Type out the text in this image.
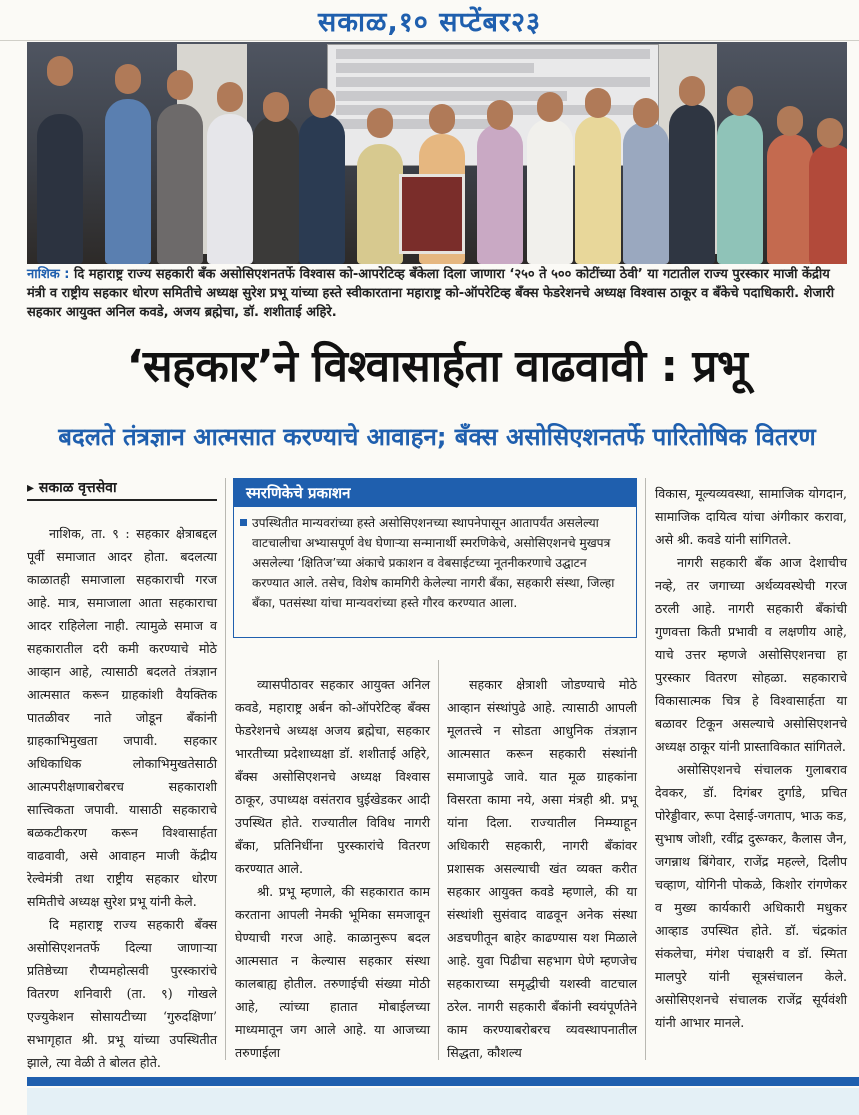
सकाळ,१० सप्टेंबर२३
नाशिक : दि महाराष्ट्र राज्य सहकारी बँक असोसिएशनतर्फे विश्वास को-आपरेटिव्ह बँकेला दिला जाणारा ‘२५० ते ५०० कोटींच्या ठेवी’ या गटातील राज्य पुरस्कार माजी केंद्रीय मंत्री व राष्ट्रीय सहकार धोरण समितीचे अध्यक्ष सुरेश प्रभू यांच्या हस्ते स्वीकारताना महाराष्ट्र को-ऑपरेटिव्ह बँक्स फेडरेशनचे अध्यक्ष विश्वास ठाकूर व बँकेचे पदाधिकारी. शेजारी सहकार आयुक्त अनिल कवडे, अजय ब्रह्मेचा, डॉ. शशीताई अहिरे.
‘सहकार’ने विश्वासार्हता वाढवावी : प्रभू
बदलते तंत्रज्ञान आत्मसात करण्याचे आवाहन; बँक्स असोसिएशनतर्फे पारितोषिक वितरण
▸ सकाळ वृत्तसेवा

नाशिक, ता. ९ : सहकार क्षेत्राबद्दल पूर्वी समाजात आदर होता. बदलत्या काळातही समाजाला सहकाराची गरज आहे. मात्र, समाजाला आता सहकाराचा आदर राहिलेला नाही. त्यामुळे समाज व सहकारातील दरी कमी करण्याचे मोठे आव्हान आहे, त्यासाठी बदलते तंत्रज्ञान आत्मसात करून ग्राहकांशी वैयक्तिक पातळीवर नाते जोडून बँकांनी ग्राहकाभिमुखता जपावी. सहकार अधिकाधिक लोकाभिमुखतेसाठी आत्मपरीक्षणाबरोबरच सहकाराशी सात्त्विकता जपावी. यासाठी सहकाराचे बळकटीकरण करून विश्वासार्हता वाढवावी, असे आवाहन माजी केंद्रीय रेल्वेमंत्री तथा राष्ट्रीय सहकार धोरण समितीचे अध्यक्ष सुरेश प्रभू यांनी केले.

दि महाराष्ट्र राज्य सहकारी बँक्स असोसिएशनतर्फे दिल्या जाणाऱ्या प्रतिष्ठेच्या रौप्यमहोत्सवी पुरस्कारांचे वितरण शनिवारी (ता. ९) गोखले एज्युकेशन सोसायटीच्या ‘गुरुदक्षिणा’ सभागृहात श्री. प्रभू यांच्या उपस्थितीत झाले, त्या वेळी ते बोलत होते.

स्मरणिकेचे प्रकाशन
उपस्थितीत मान्यवरांच्या हस्ते असोसिएशनच्या स्थापनेपासून आतापर्यंत असलेल्या वाटचालीचा अभ्यासपूर्ण वेध घेणाऱ्या सन्मानार्थी स्मरणिकेचे, असोसिएशनचे मुखपत्र असलेल्या ‘क्षितिज’च्या अंकाचे प्रकाशन व वेबसाईटच्या नूतनीकरणाचे उद्घाटन करण्यात आले. तसेच, विशेष कामगिरी केलेल्या नागरी बँका, सहकारी संस्था, जिल्हा बँका, पतसंस्था यांचा मान्यवरांच्या हस्ते गौरव करण्यात आला.

व्यासपीठावर सहकार आयुक्त अनिल कवडे, महाराष्ट्र अर्बन को-ऑपरेटिव्ह बँक्स फेडरेशनचे अध्यक्ष अजय ब्रह्मेचा, सहकार भारतीच्या प्रदेशाध्यक्षा डॉ. शशीताई अहिरे, बँक्स असोसिएशनचे अध्यक्ष विश्वास ठाकूर, उपाध्यक्ष वसंतराव घुईखेडकर आदी उपस्थित होते. राज्यातील विविध नागरी बँका, प्रतिनिधींना पुरस्कारांचे वितरण करण्यात आले.

श्री. प्रभू म्हणाले, की सहकारात काम करताना आपली नेमकी भूमिका समजावून घेण्याची गरज आहे. काळानुरूप बदल आत्मसात न केल्यास सहकार संस्था कालबाह्य होतील. तरुणाईची संख्या मोठी आहे, त्यांच्या हातात मोबाईलच्या माध्यमातून जग आले आहे. या आजच्या तरुणाईला

सहकार क्षेत्राशी जोडण्याचे मोठे आव्हान संस्थांपुढे आहे. त्यासाठी आपली मूलतत्त्वे न सोडता आधुनिक तंत्रज्ञान आत्मसात करून सहकारी संस्थांनी समाजापुढे जावे. यात मूळ ग्राहकांना विसरता कामा नये, असा मंत्रही श्री. प्रभू यांना दिला. राज्यातील निम्म्याहून अधिकारी सहकारी, नागरी बँकांवर प्रशासक असल्याची खंत व्यक्त करीत सहकार आयुक्त कवडे म्हणाले, की या संस्थांशी सुसंवाद वाढवून अनेक संस्था अडचणीतून बाहेर काढण्यास यश मिळाले आहे. युवा पिढीचा सहभाग घेणे म्हणजेच सहकाराच्या समृद्धीची यशस्वी वाटचाल ठरेल. नागरी सहकारी बँकांनी स्वयंपूर्णतेने काम करण्याबरोबरच व्यवस्थापनातील सिद्धता, कौशल्य

विकास, मूल्यव्यवस्था, सामाजिक योगदान, सामाजिक दायित्व यांचा अंगीकार करावा, असे श्री. कवडे यांनी सांगितले.

नागरी सहकारी बँक आज देशाचीच नव्हे, तर जगाच्या अर्थव्यवस्थेची गरज ठरली आहे. नागरी सहकारी बँकांची गुणवत्ता किती प्रभावी व लक्षणीय आहे, याचे उत्तर म्हणजे असोसिएशनचा हा पुरस्कार वितरण सोहळा. सहकाराचे विकासात्मक चित्र हे विश्वासार्हता या बळावर टिकून असल्याचे असोसिएशनचे अध्यक्ष ठाकूर यांनी प्रास्ताविकात सांगितले.

असोसिएशनचे संचालक गुलाबराव देवकर, डॉ. दिगंबर दुर्गाडे, प्रचित पोरेड्डीवार, रूपा देसाई-जगताप, भाऊ कड, सुभाष जोशी, रवींद्र दुरूग्कर, कैलास जैन, जगन्नाथ बिंगेवार, राजेंद्र महल्ले, दिलीप चव्हाण, योगिनी पोकळे, किशोर रांगणेकर व मुख्य कार्यकारी अधिकारी मधुकर आव्हाड उपस्थित होते. डॉ. चंद्रकांत संकलेचा, मंगेश पंचाक्षरी व डॉ. स्मिता मालपुरे यांनी सूत्रसंचालन केले. असोसिएशनचे संचालक राजेंद्र सूर्यवंशी यांनी आभार मानले.
